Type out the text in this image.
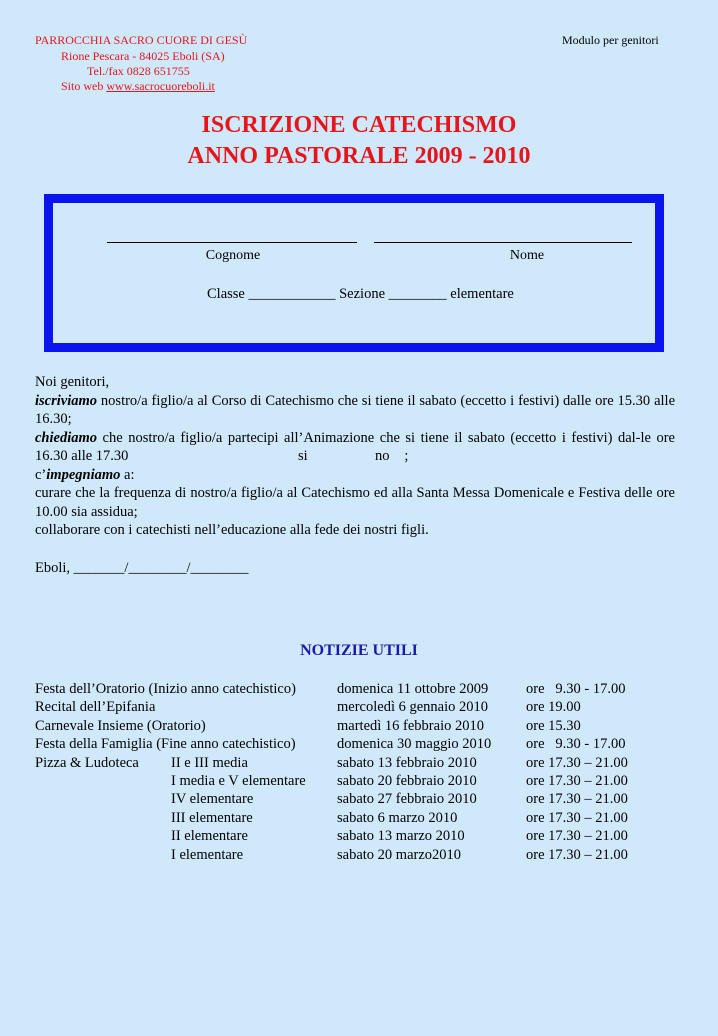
PARROCCHIA SACRO CUORE DI GESÙ	Modulo per genitori
Rione Pescara - 84025 Eboli (SA)
Tel./fax 0828 651755
Sito web www.sacrocuoreboli.it
ISCRIZIONE CATECHISMO
ANNO PASTORALE 2009 - 2010
Cognome	Nome
Classe ____________ Sezione ________ elementare

Noi genitori,

iscriviamo nostro/a figlio/a al Corso di Catechismo che si tiene il sabato (eccetto i festivi) dalle ore 15.30 alle 16.30;

chiediamo che nostro/a figlio/a partecipi all’Animazione che si tiene il sabato (eccetto i festivi) dal-le ore 16.30 alle 17.30	si	no ;

c’impegniamo a:

curare che la frequenza di nostro/a figlio/a al Catechismo ed alla Santa Messa Domenicale e Festiva delle ore 10.00 sia assidua;

collaborare con i catechisti nell’educazione alla fede dei nostri figli.

Eboli, _______/________/________

NOTIZIE UTILI
Festa dell’Oratorio (Inizio anno catechistico)	domenica 11 ottobre 2009	ore   9.30 - 17.00
Recital dell’Epifania	mercoledì 6 gennaio 2010	ore 19.00
Carnevale Insieme (Oratorio)	martedì 16 febbraio 2010	ore 15.30
Festa della Famiglia (Fine anno catechistico)	domenica 30 maggio 2010 ore   9.30 - 17.00
Pizza & Ludoteca II e III media	sabato 13 febbraio 2010	ore 17.30 – 21.00
I media e V elementare sabato 20 febbraio 2010	ore 17.30 – 21.00
IV elementare	sabato 27 febbraio 2010	ore 17.30 – 21.00
III elementare	sabato 6 marzo 2010	ore 17.30 – 21.00
II elementare	sabato 13 marzo 2010	ore 17.30 – 21.00
I elementare	sabato 20 marzo2010	ore 17.30 – 21.00
